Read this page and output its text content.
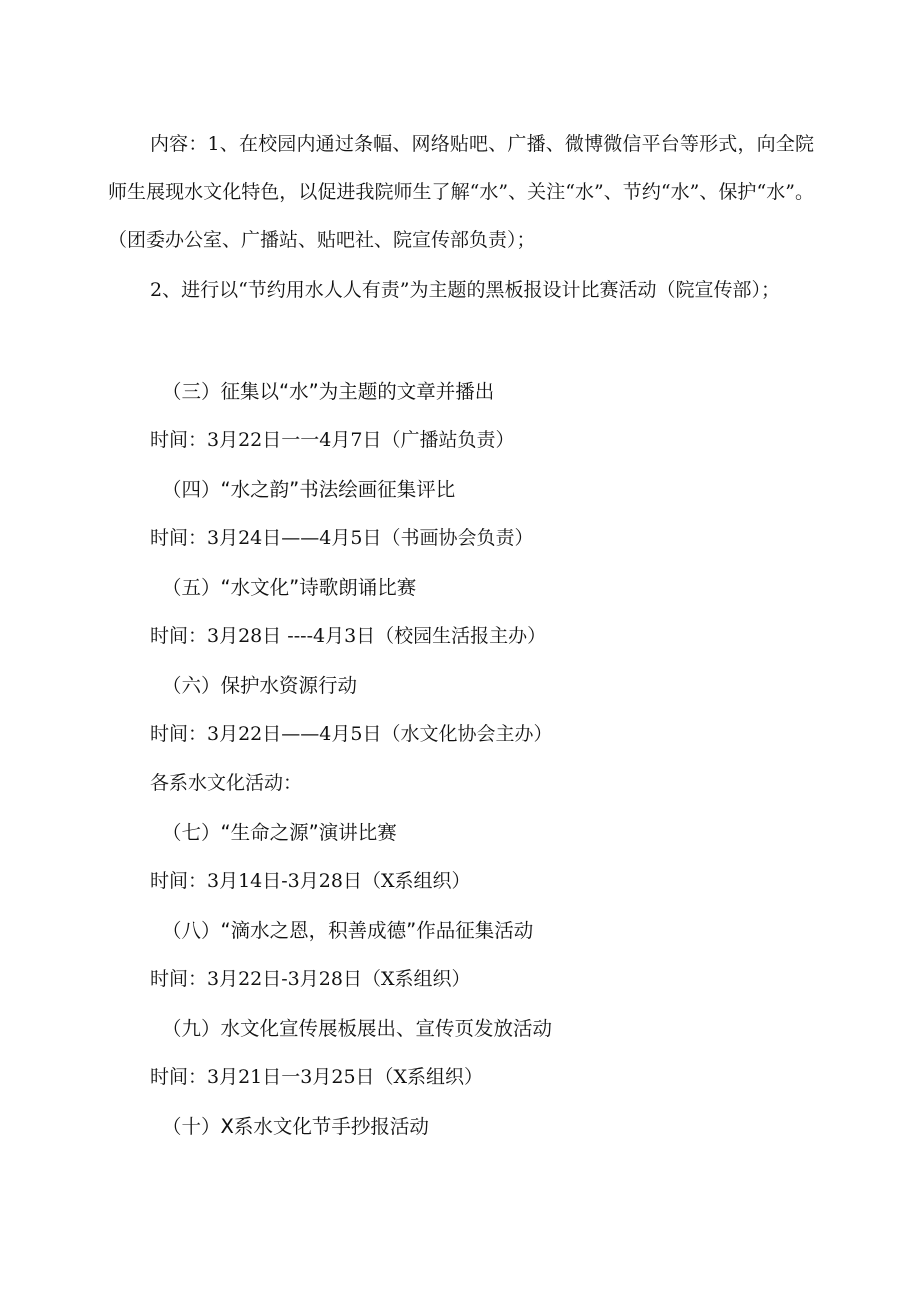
内容：1、在校园内通过条幅、网络贴吧、广播、微博微信平台等形式，向全院师生展现水文化特色，以促进我院师生了解“水”、关注“水”、节约“水”、保护“水”。（团委办公室、广播站、贴吧社、院宣传部负责）；

2、进行以“节约用水人人有责”为主题的黑板报设计比赛活动（院宣传部）；

（三）征集以“水”为主题的文章并播出

时间：3月22日一一4月7日（广播站负责）

（四）“水之韵”书法绘画征集评比

时间：3月24日——4月5日（书画协会负责）

（五）“水文化”诗歌朗诵比赛

时间：3月28日 ----4月3日（校园生活报主办）

（六）保护水资源行动

时间：3月22日——4月5日（水文化协会主办）

各系水文化活动：

（七）“生命之源”演讲比赛

时间：3月14日-3月28日（X系组织）

（八）“滴水之恩，积善成德”作品征集活动

时间：3月22日-3月28日（X系组织）

（九）水文化宣传展板展出、宣传页发放活动

时间：3月21日一3月25日（X系组织）

（十）X系水文化节手抄报活动
